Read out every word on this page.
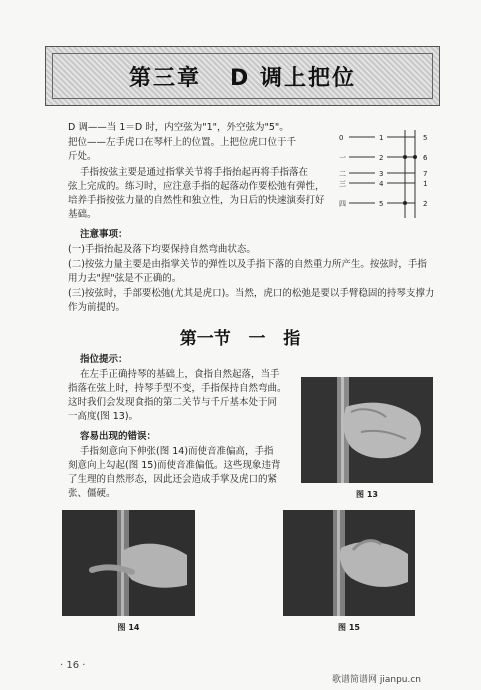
第三章   D 调上把位
D 调——当 1＝D 时，内空弦为"1"，外空弦为"5"。
把位——左手虎口在琴杆上的位置。上把位虎口位于千
斤处。
手指按弦主要是通过指掌关节将手指抬起再将手指落在
弦上完成的。练习时，应注意手指的起落动作要松弛有弹性，
培养手指按弦力量的自然性和独立性，为日后的快速演奏打好
基础。
0	1	5
一	2	6
二	3	7
三	4	1̇
四	5	2̇
注意事项：
(一)手指抬起及落下均要保持自然弯曲状态。
(二)按弦力量主要是由指掌关节的弹性以及手指下落的自然重力所产生。按弦时，手指
用力去"捏"弦是不正确的。
(三)按弦时，手部要松弛(尤其是虎口)。当然，虎口的松弛是要以手臂稳固的持琴支撑力
作为前提的。
第一节   一   指
指位提示：
在左手正确持琴的基础上，食指自然起落，当手
指落在弦上时，持琴手型不变，手指保持自然弯曲。
这时我们会发现食指的第二关节与千斤基本处于同
一高度(图 13)。
容易出现的错误：
手指刻意向下伸张(图 14)而使音准偏高，手指
刻意向上勾起(图 15)而使音准偏低。这些现象违背
了生理的自然形态，因此还会造成手掌及虎口的紧
张、僵硬。	图 13
图 14	图 15
· 16 ·
歌谱简谱网 jianpu.cn
